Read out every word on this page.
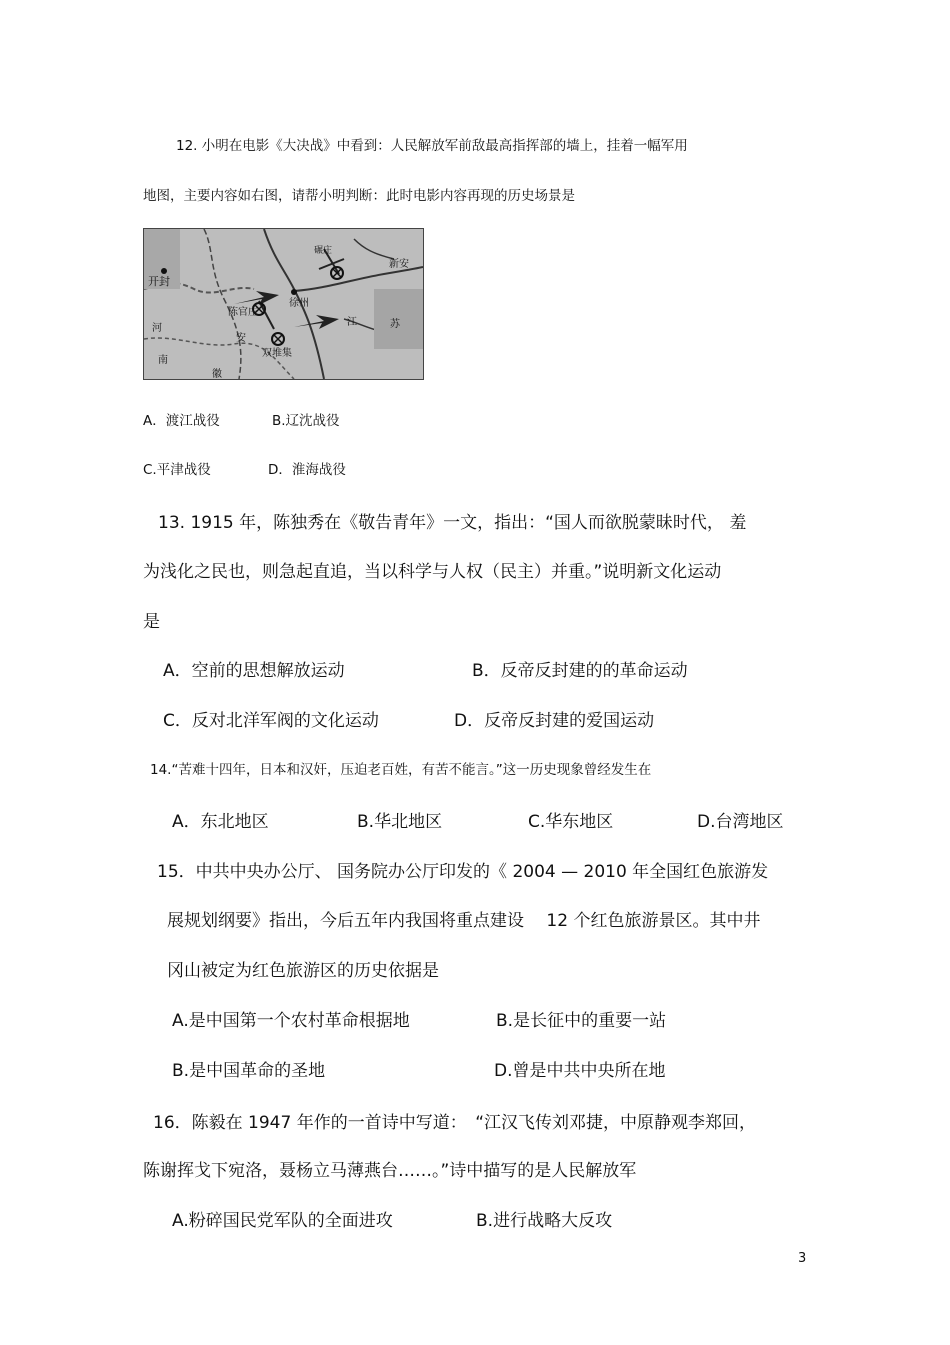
12. 小明在电影《大决战》中看到：人民解放军前敌最高指挥部的墙上，挂着一幅军用
地图，主要内容如右图，请帮小明判断：此时电影内容再现的历史场景是
开封
陈官庄
徐州
双堆集
碾庄
新安
江	苏
安
徽
河
南
A．渡江战役	B.辽沈战役
C.平津战役	D．淮海战役
13. 1915 年，陈独秀在《敬告青年》一文，指出：“国人而欲脱蒙昧时代， 羞
为浅化之民也，则急起直追，当以科学与人权（民主）并重。”说明新文化运动
是
A．空前的思想解放运动	B．反帝反封建的的革命运动
C．反对北洋军阀的文化运动	D．反帝反封建的爱国运动
14.“苦难十四年，日本和汉奸，压迫老百姓，有苦不能言。”这一历史现象曾经发生在
A．东北地区	B.华北地区	C.华东地区	D.台湾地区
15．中共中央办公厅、 国务院办公厅印发的《 2004 — 2010 年全国红色旅游发
展规划纲要》指出，今后五年内我国将重点建设　 12 个红色旅游景区。其中井
冈山被定为红色旅游区的历史依据是
A.是中国第一个农村革命根据地	B.是长征中的重要一站
B.是中国革命的圣地	D.曾是中共中央所在地
16．陈毅在 1947 年作的一首诗中写道：　“江汉飞传刘邓捷，中原静观李郑回，
陈谢挥戈下宛洛，聂杨立马薄燕台……。”诗中描写的是人民解放军
A.粉碎国民党军队的全面进攻	B.进行战略大反攻
3
